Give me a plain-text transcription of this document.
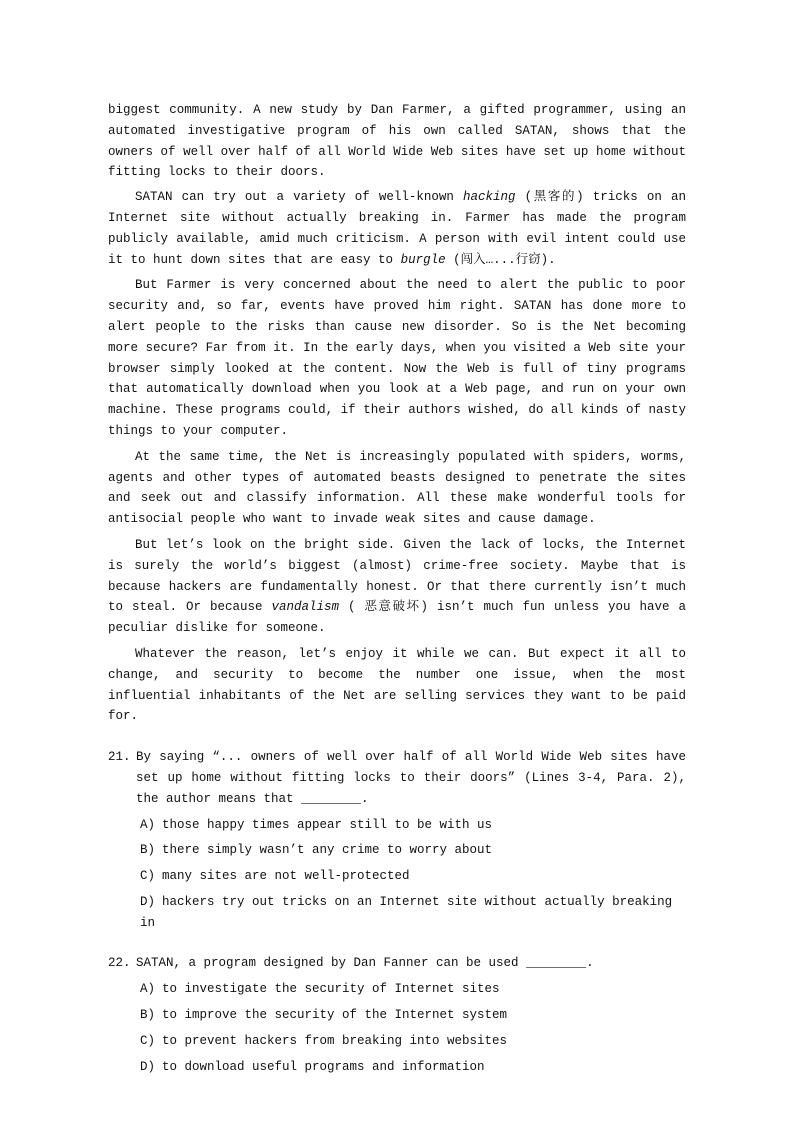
biggest community. A new study by Dan Farmer, a gifted programmer, using an automated investigative program of his own called SATAN, shows that the owners of well over half of all World Wide Web sites have set up home without fitting locks to their doors.

SATAN can try out a variety of well-known hacking (黑客的) tricks on an Internet site without actually breaking in. Farmer has made the program publicly available, amid much criticism. A person with evil intent could use it to hunt down sites that are easy to burgle (闯入…...行窃).

But Farmer is very concerned about the need to alert the public to poor security and, so far, events have proved him right. SATAN has done more to alert people to the risks than cause new disorder. So is the Net becoming more secure? Far from it. In the early days, when you visited a Web site your browser simply looked at the content. Now the Web is full of tiny programs that automatically download when you look at a Web page, and run on your own machine. These programs could, if their authors wished, do all kinds of nasty things to your computer.

At the same time, the Net is increasingly populated with spiders, worms, agents and other types of automated beasts designed to penetrate the sites and seek out and classify information. All these make wonderful tools for antisocial people who want to invade weak sites and cause damage.

But let’s look on the bright side. Given the lack of locks, the Internet is surely the world’s biggest (almost) crime-free society. Maybe that is because hackers are fundamentally honest. Or that there currently isn’t much to steal. Or because vandalism ( 恶意破坏) isn’t much fun unless you have a peculiar dislike for someone.

Whatever the reason, let’s enjoy it while we can. But expect it all to change, and security to become the number one issue, when the most influential inhabitants of the Net are selling services they want to be paid for.

21. By saying “... owners of well over half of all World Wide Web sites have set up home without fitting locks to their doors” (Lines 3-4, Para. 2), the author means that ________.
A) those happy times appear still to be with us
B) there simply wasn’t any crime to worry about
C) many sites are not well-protected
D) hackers try out tricks on an Internet site without actually breaking in
22. SATAN, a program designed by Dan Fanner can be used ________.
A) to investigate the security of Internet sites
B) to improve the security of the Internet system
C) to prevent hackers from breaking into websites
D) to download useful programs and information
